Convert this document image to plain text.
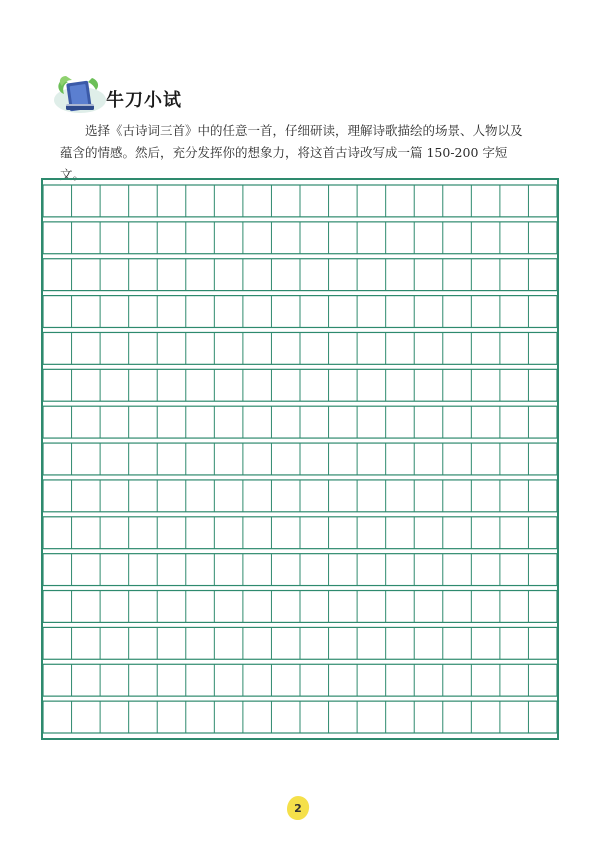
牛刀小试

选择《古诗词三首》中的任意一首，仔细研读，理解诗歌描绘的场景、人物以及蕴含的情感。然后，充分发挥你的想象力，将这首古诗改写成一篇 150-200 字短文。

2
